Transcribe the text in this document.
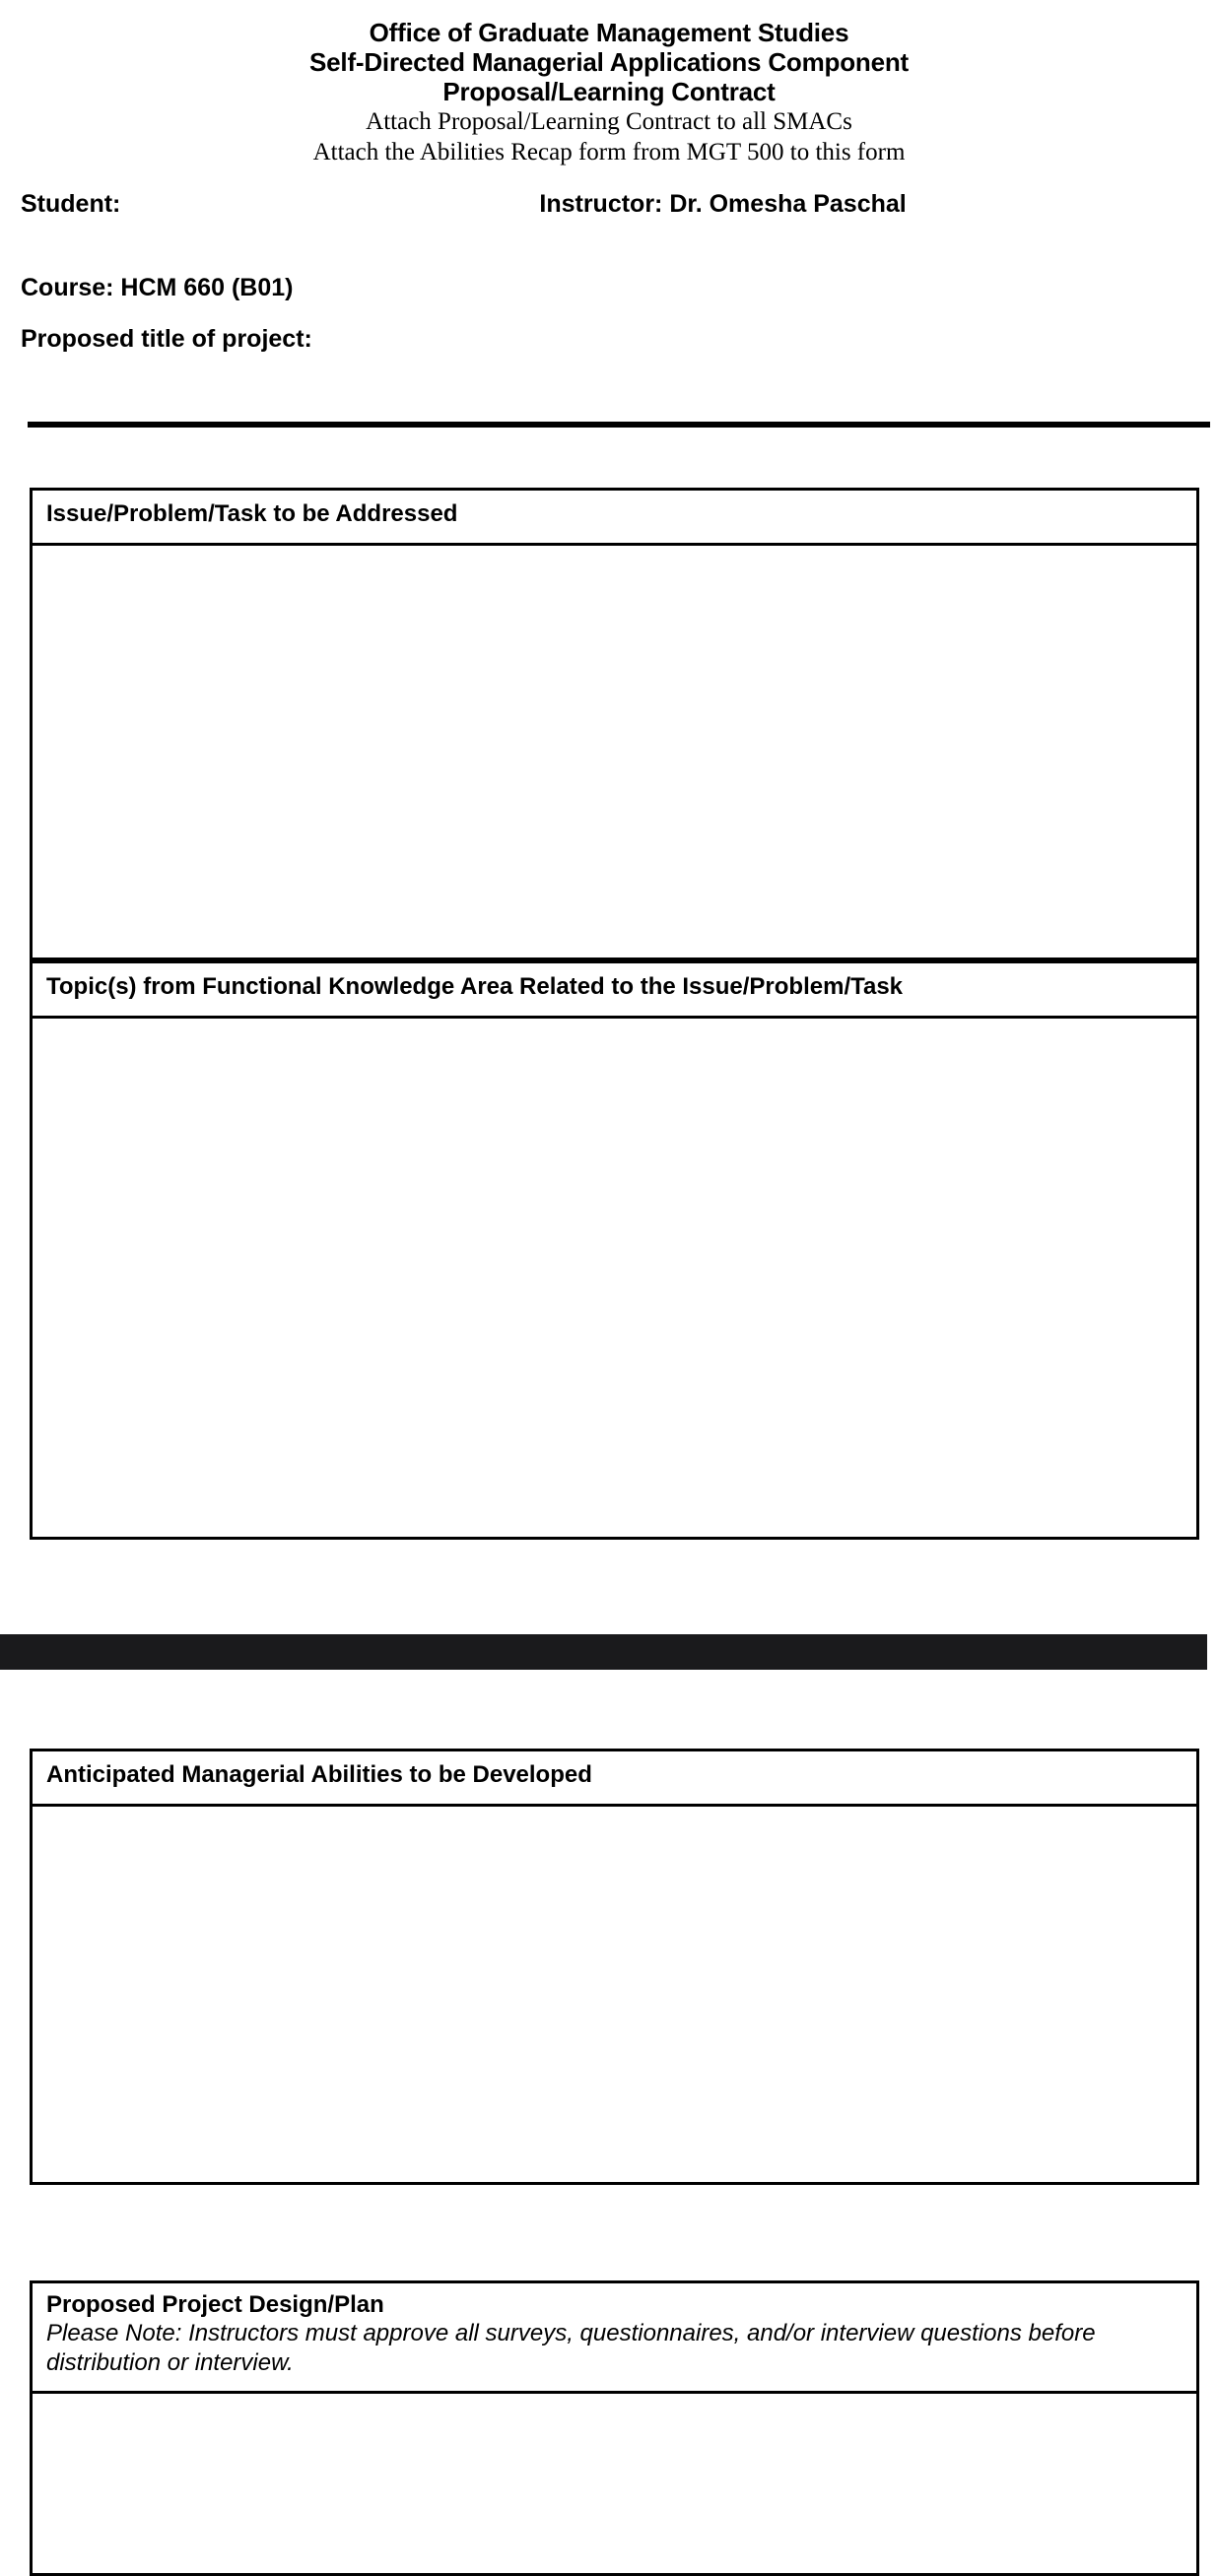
Office of Graduate Management Studies
Self-Directed Managerial Applications Component
Proposal/Learning Contract
Attach Proposal/Learning Contract to all SMACs
Attach the Abilities Recap form from MGT 500 to this form
Student:	Instructor: Dr. Omesha Paschal
Course: HCM 660 (B01)
Proposed title of project:
Issue/Problem/Task to be Addressed
Topic(s) from Functional Knowledge Area Related to the Issue/Problem/Task
Anticipated Managerial Abilities to be Developed
Proposed Project Design/Plan
Please Note: Instructors must approve all surveys, questionnaires, and/or interview questions before distribution or interview.
